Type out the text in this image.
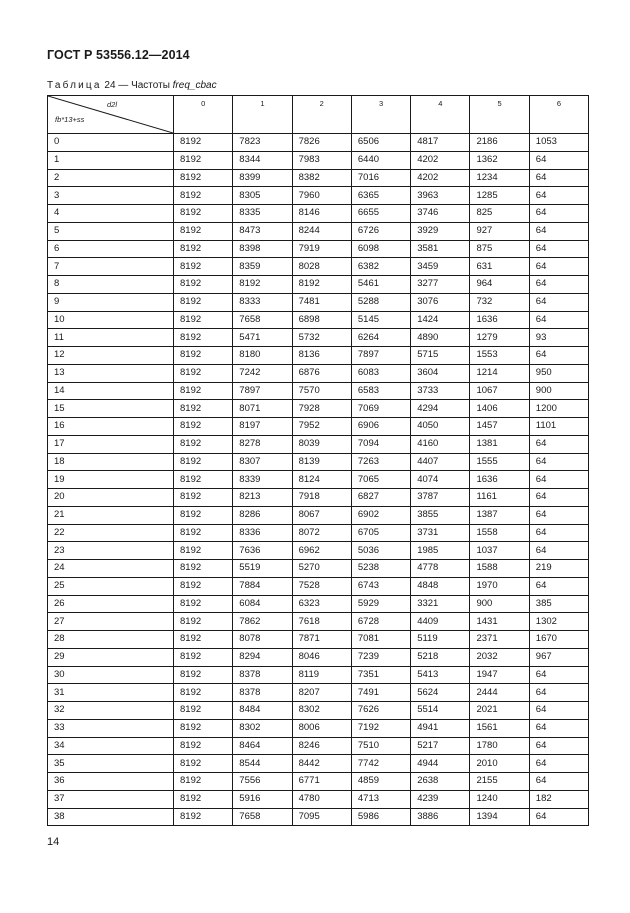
ГОСТ Р 53556.12—2014
Таблица 24 — Частоты freq_cbac
d2l
fb*13+ss	0	1	2	3	4	5	6
0	8192	7823	7826	6506	4817	2186	1053
1	8192	8344	7983	6440	4202	1362	64
2	8192	8399	8382	7016	4202	1234	64
3	8192	8305	7960	6365	3963	1285	64
4	8192	8335	8146	6655	3746	825	64
5	8192	8473	8244	6726	3929	927	64
6	8192	8398	7919	6098	3581	875	64
7	8192	8359	8028	6382	3459	631	64
8	8192	8192	8192	5461	3277	964	64
9	8192	8333	7481	5288	3076	732	64
10	8192	7658	6898	5145	1424	1636	64
11	8192	5471	5732	6264	4890	1279	93
12	8192	8180	8136	7897	5715	1553	64
13	8192	7242	6876	6083	3604	1214	950
14	8192	7897	7570	6583	3733	1067	900
15	8192	8071	7928	7069	4294	1406	1200
16	8192	8197	7952	6906	4050	1457	1101
17	8192	8278	8039	7094	4160	1381	64
18	8192	8307	8139	7263	4407	1555	64
19	8192	8339	8124	7065	4074	1636	64
20	8192	8213	7918	6827	3787	1161	64
21	8192	8286	8067	6902	3855	1387	64
22	8192	8336	8072	6705	3731	1558	64
23	8192	7636	6962	5036	1985	1037	64
24	8192	5519	5270	5238	4778	1588	219
25	8192	7884	7528	6743	4848	1970	64
26	8192	6084	6323	5929	3321	900	385
27	8192	7862	7618	6728	4409	1431	1302
28	8192	8078	7871	7081	5119	2371	1670
29	8192	8294	8046	7239	5218	2032	967
30	8192	8378	8119	7351	5413	1947	64
31	8192	8378	8207	7491	5624	2444	64
32	8192	8484	8302	7626	5514	2021	64
33	8192	8302	8006	7192	4941	1561	64
34	8192	8464	8246	7510	5217	1780	64
35	8192	8544	8442	7742	4944	2010	64
36	8192	7556	6771	4859	2638	2155	64
37	8192	5916	4780	4713	4239	1240	182
38	8192	7658	7095	5986	3886	1394	64
14
